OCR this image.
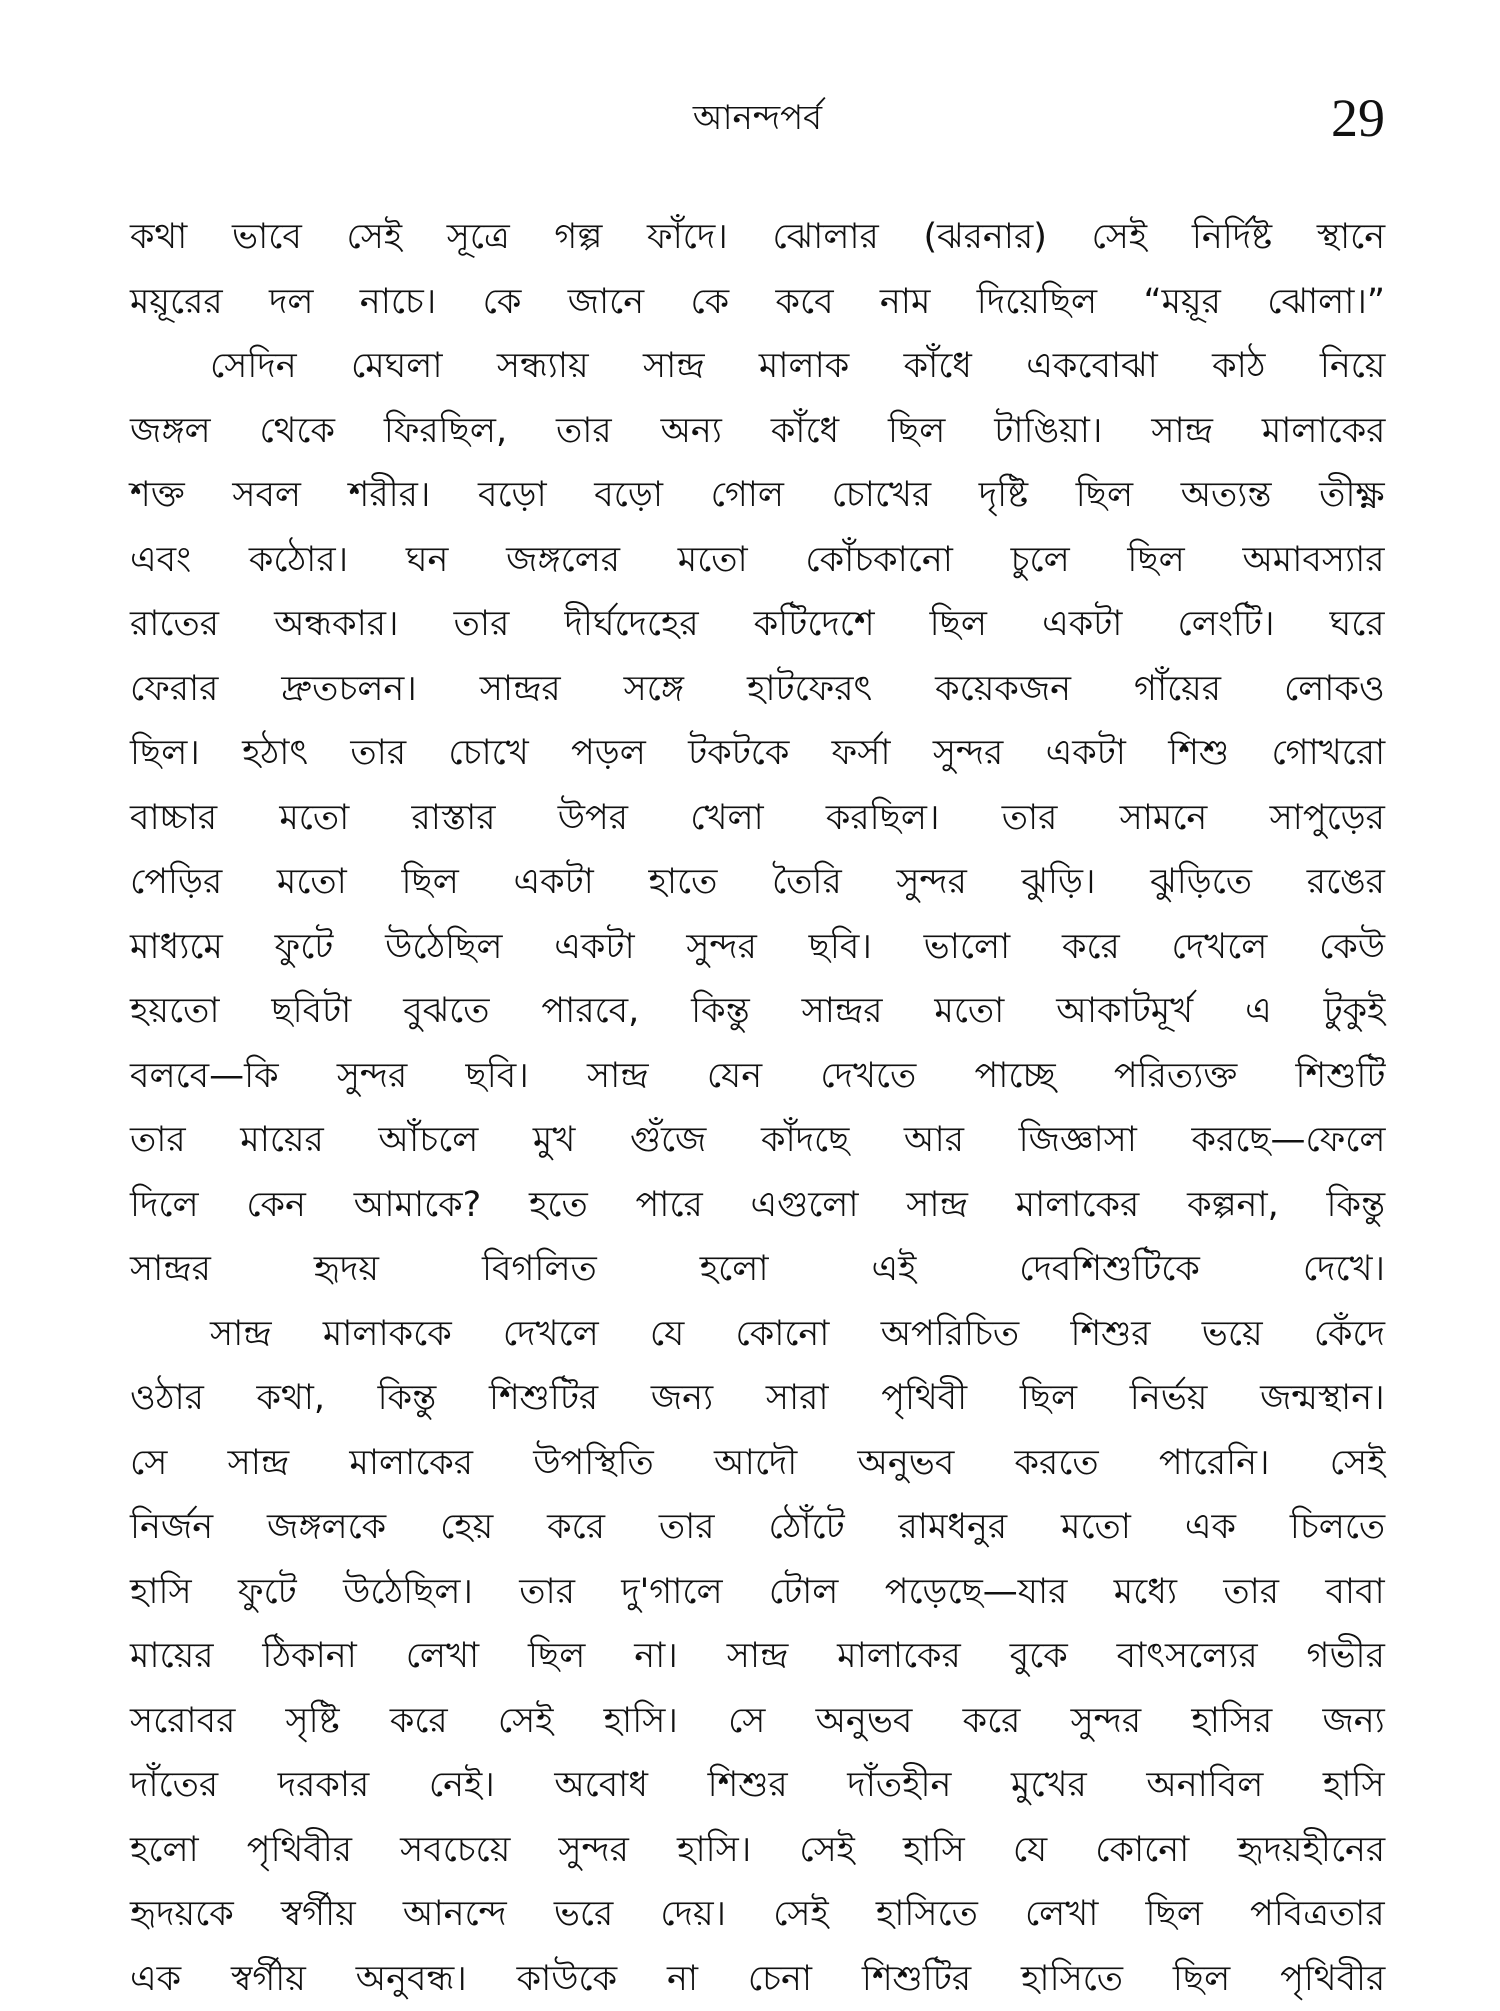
আনন্দপর্ব	29
কথা ভাবে সেই সূত্রে গল্প ফাঁদে। ঝোলার (ঝরনার) সেই নির্দিষ্ট স্থানে
ময়ূরের দল নাচে। কে জানে কে কবে নাম দিয়েছিল “ময়ূর ঝোলা।”
সেদিন মেঘলা সন্ধ্যায় সান্দ্র মালাক কাঁধে একবোঝা কাঠ নিয়ে
জঙ্গল থেকে ফিরছিল, তার অন্য কাঁধে ছিল টাঙিয়া। সান্দ্র মালাকের
শক্ত সবল শরীর। বড়ো বড়ো গোল চোখের দৃষ্টি ছিল অত্যন্ত তীক্ষ্ণ
এবং কঠোর। ঘন জঙ্গলের মতো কোঁচকানো চুলে ছিল অমাবস্যার
রাতের অন্ধকার। তার দীর্ঘদেহের কটিদেশে ছিল একটা লেংটি। ঘরে
ফেরার দ্রুতচলন। সান্দ্রর সঙ্গে হাটফেরৎ কয়েকজন গাঁয়ের লোকও
ছিল। হঠাৎ তার চোখে পড়ল টকটকে ফর্সা সুন্দর একটা শিশু গোখরো
বাচ্চার মতো রাস্তার উপর খেলা করছিল। তার সামনে সাপুড়ের
পেড়ির মতো ছিল একটা হাতে তৈরি সুন্দর ঝুড়ি। ঝুড়িতে রঙের
মাধ্যমে ফুটে উঠেছিল একটা সুন্দর ছবি। ভালো করে দেখলে কেউ
হয়তো ছবিটা বুঝতে পারবে, কিন্তু সান্দ্রর মতো আকাটমূর্খ এ টুকুই
বলবে—কি সুন্দর ছবি। সান্দ্র যেন দেখতে পাচ্ছে পরিত্যক্ত শিশুটি
তার মায়ের আঁচলে মুখ গুঁজে কাঁদছে আর জিজ্ঞাসা করছে—ফেলে
দিলে কেন আমাকে? হতে পারে এগুলো সান্দ্র মালাকের কল্পনা, কিন্তু
সান্দ্রর হৃদয় বিগলিত হলো এই দেবশিশুটিকে দেখে।
সান্দ্র মালাককে দেখলে যে কোনো অপরিচিত শিশুর ভয়ে কেঁদে
ওঠার কথা, কিন্তু শিশুটির জন্য সারা পৃথিবী ছিল নির্ভয় জন্মস্থান।
সে সান্দ্র মালাকের উপস্থিতি আদৌ অনুভব করতে পারেনি। সেই
নির্জন জঙ্গলকে হেয় করে তার ঠোঁটে রামধনুর মতো এক চিলতে
হাসি ফুটে উঠেছিল। তার দু'গালে টোল পড়েছে—যার মধ্যে তার বাবা
মায়ের ঠিকানা লেখা ছিল না। সান্দ্র মালাকের বুকে বাৎসল্যের গভীর
সরোবর সৃষ্টি করে সেই হাসি। সে অনুভব করে সুন্দর হাসির জন্য
দাঁতের দরকার নেই। অবোধ শিশুর দাঁতহীন মুখের অনাবিল হাসি
হলো পৃথিবীর সবচেয়ে সুন্দর হাসি। সেই হাসি যে কোনো হৃদয়হীনের
হৃদয়কে স্বর্গীয় আনন্দে ভরে দেয়। সেই হাসিতে লেখা ছিল পবিত্রতার
এক স্বর্গীয় অনুবন্ধ। কাউকে না চেনা শিশুটির হাসিতে ছিল পৃথিবীর
